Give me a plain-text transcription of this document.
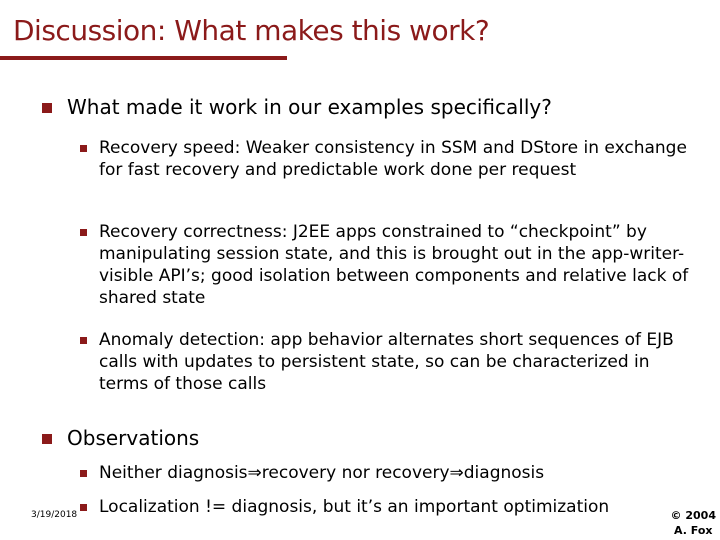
Discussion: What makes this work?
What made it work in our examples specifically?
Recovery speed: Weaker consistency in SSM and DStore in exchange for fast recovery and predictable work done per request
Recovery correctness: J2EE apps constrained to “checkpoint” by manipulating session state, and this is brought out in the app-writer-visible API’s; good isolation between components and relative lack of shared state
Anomaly detection: app behavior alternates short sequences of EJB calls with updates to persistent state, so can be characterized in terms of those calls
Observations
Neither diagnosis⇒recovery nor recovery⇒diagnosis
Localization != diagnosis, but it’s an important optimization
3/19/2018	© 2004
A. Fox
